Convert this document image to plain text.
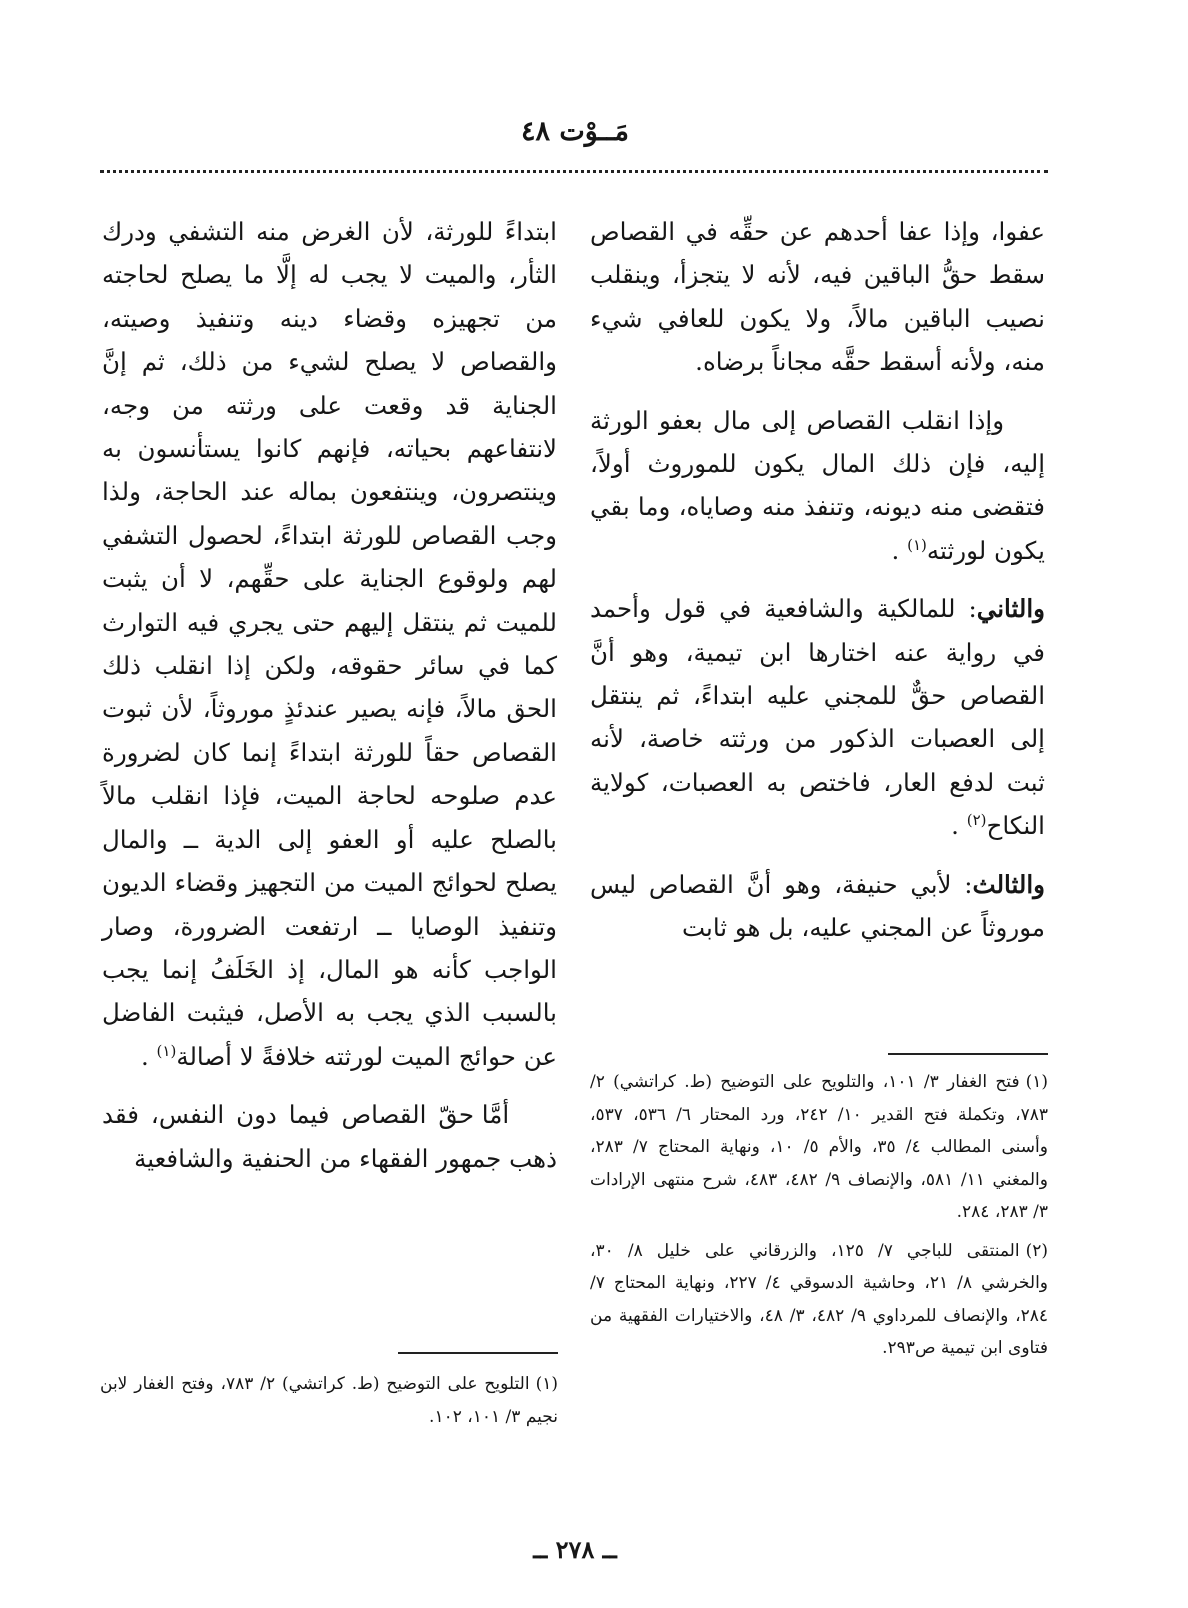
مَــوْت ٤٨

عفوا، وإذا عفا أحدهم عن حقِّه في القصاص سقط حقُّ الباقين فيه، لأنه لا يتجزأ، وينقلب نصيب الباقين مالاً، ولا يكون للعافي شيء منه، ولأنه أسقط حقَّه مجاناً برضاه.

وإذا انقلب القصاص إلى مال بعفو الورثة إليه، فإن ذلك المال يكون للموروث أولاً، فتقضى منه ديونه، وتنفذ منه وصاياه، وما بقي يكون لورثته$^{(١)}$ .

والثاني: للمالكية والشافعية في قول وأحمد في رواية عنه اختارها ابن تيمية، وهو أنَّ القصاص حقٌّ للمجني عليه ابتداءً، ثم ينتقل إلى العصبات الذكور من ورثته خاصة، لأنه ثبت لدفع العار، فاختص به العصبات، كولاية النكاح$^{(٢)}$ .

والثالث: لأبي حنيفة، وهو أنَّ القصاص ليس موروثاً عن المجني عليه، بل هو ثابت

ابتداءً للورثة، لأن الغرض منه التشفي ودرك الثأر، والميت لا يجب له إلَّا ما يصلح لحاجته من تجهيزه وقضاء دينه وتنفيذ وصيته، والقصاص لا يصلح لشيء من ذلك، ثم إنَّ الجناية قد وقعت على ورثته من وجه، لانتفاعهم بحياته، فإنهم كانوا يستأنسون به وينتصرون، وينتفعون بماله عند الحاجة، ولذا وجب القصاص للورثة ابتداءً، لحصول التشفي لهم ولوقوع الجناية على حقِّهم، لا أن يثبت للميت ثم ينتقل إليهم حتى يجري فيه التوارث كما في سائر حقوقه، ولكن إذا انقلب ذلك الحق مالاً، فإنه يصير عندئذٍ موروثاً، لأن ثبوت القصاص حقاً للورثة ابتداءً إنما كان لضرورة عدم صلوحه لحاجة الميت، فإذا انقلب مالاً بالصلح عليه أو العفو إلى الدية ــ والمال يصلح لحوائج الميت من التجهيز وقضاء الديون وتنفيذ الوصايا ــ ارتفعت الضرورة، وصار الواجب كأنه هو المال، إذ الخَلَفُ إنما يجب بالسبب الذي يجب به الأصل، فيثبت الفاضل عن حوائج الميت لورثته خلافةً لا أصالة$^{(١)}$ .

أمَّا حقّ القصاص فيما دون النفس، فقد ذهب جمهور الفقهاء من الحنفية والشافعية

(١)فتح الغفار ٣/ ١٠١، والتلويح على التوضيح (ط. كراتشي) ٢/ ٧٨٣، وتكملة فتح القدير ١٠/ ٢٤٢، ورد المحتار ٦/ ٥٣٦، ٥٣٧، وأسنى المطالب ٤/ ٣٥، والأم ٥/ ١٠، ونهاية المحتاج ٧/ ٢٨٣، والمغني ١١/ ٥٨١، والإنصاف ٩/ ٤٨٢، ٤٨٣، شرح منتهى الإرادات ٣/ ٢٨٣، ٢٨٤.

(٢)المنتقى للباجي ٧/ ١٢٥، والزرقاني على خليل ٨/ ٣٠، والخرشي ٨/ ٢١، وحاشية الدسوقي ٤/ ٢٢٧، ونهاية المحتاج ٧/ ٢٨٤، والإنصاف للمرداوي ٩/ ٤٨٢، ٣/ ٤٨، والاختيارات الفقهية من فتاوى ابن تيمية ص٢٩٣.

(١)التلويح على التوضيح (ط. كراتشي) ٢/ ٧٨٣، وفتح الغفار لابن نجيم ٣/ ١٠١، ١٠٢.

ــ ٢٧٨ ــ
